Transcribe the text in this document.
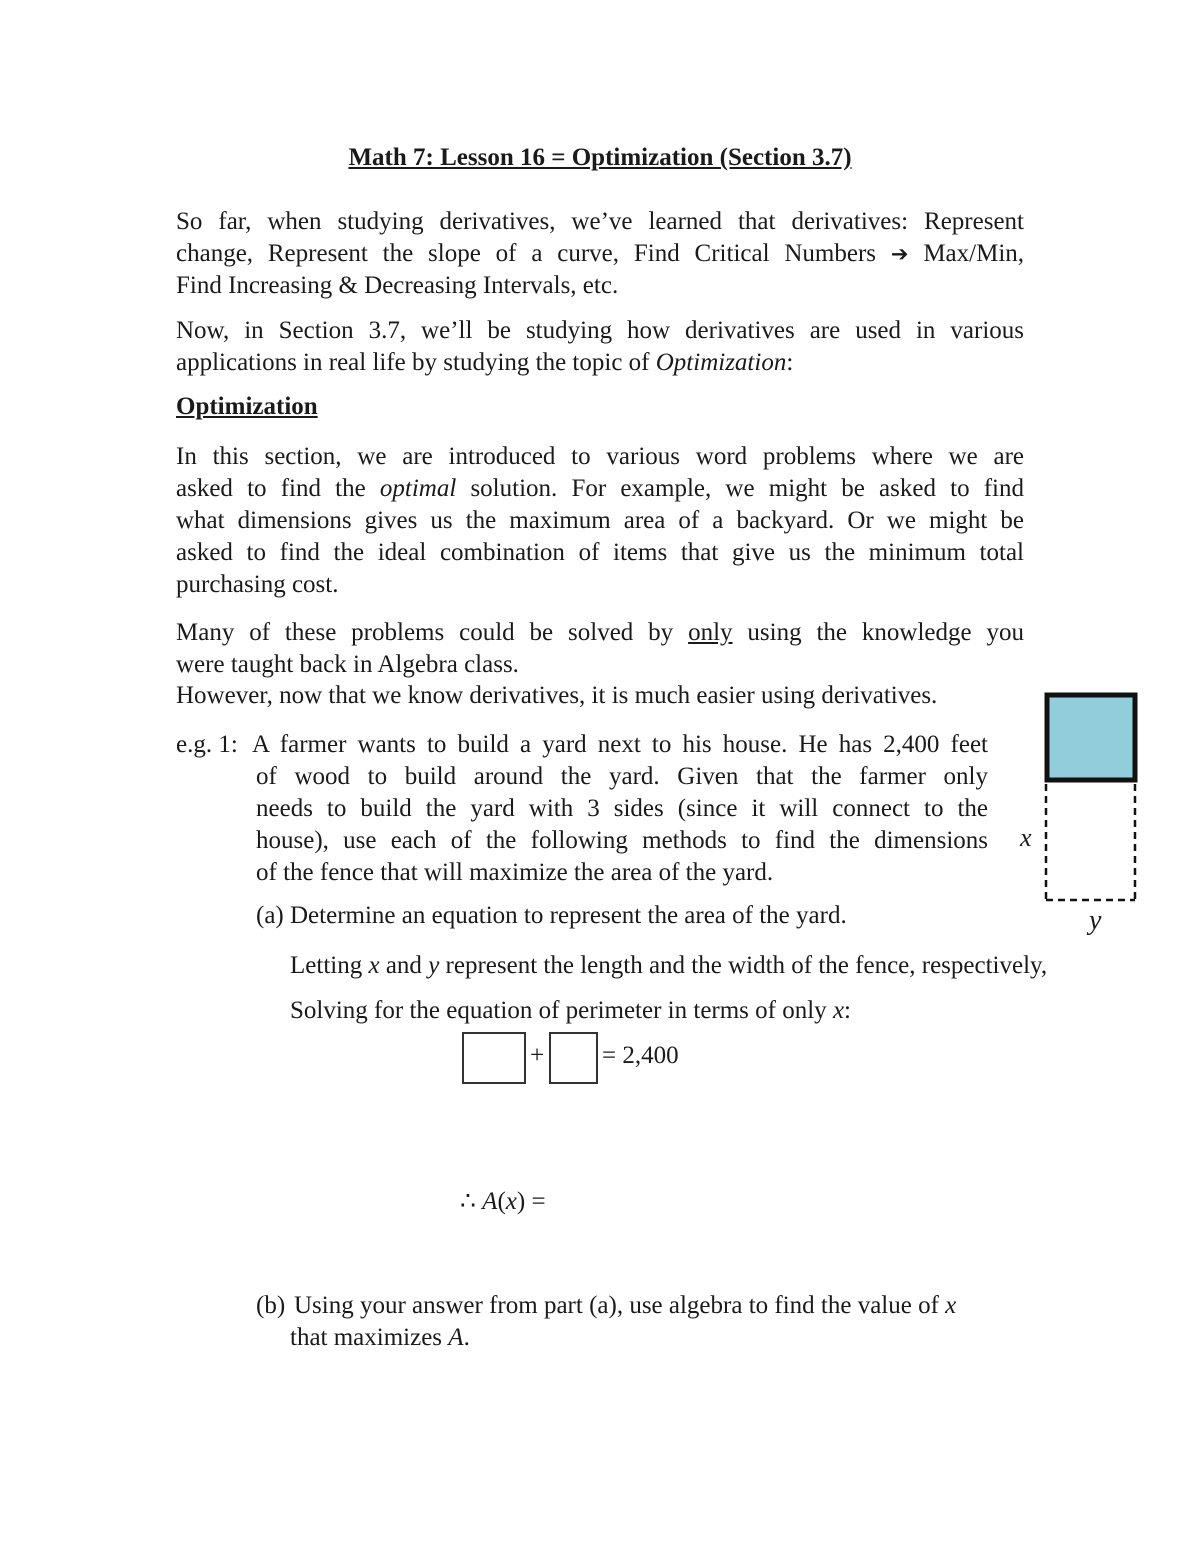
Math 7: Lesson 16 = Optimization (Section 3.7)
So far, when studying derivatives, we’ve learned that derivatives: Represent
change, Represent the slope of a curve, Find Critical Numbers ➔ Max/Min,
Find Increasing & Decreasing Intervals, etc.
Now, in Section 3.7, we’ll be studying how derivatives are used in various
applications in real life by studying the topic of Optimization:
Optimization
In this section, we are introduced to various word problems where we are
asked to find the optimal solution. For example, we might be asked to find
what dimensions gives us the maximum area of a backyard. Or we might be
asked to find the ideal combination of items that give us the minimum total
purchasing cost.
Many of these problems could be solved by only using the knowledge you
were taught back in Algebra class.
However, now that we know derivatives, it is much easier using derivatives.
e.g. 1: A farmer wants to build a yard next to his house. He has 2,400 feet
of wood to build around the yard. Given that the farmer only
needs to build the yard with 3 sides (since it will connect to the
house), use each of the following methods to find the dimensions
of the fence that will maximize the area of the yard.
x
y
(a) Determine an equation to represent the area of the yard.
Letting x and y represent the length and the width of the fence, respectively,
Solving for the equation of perimeter in terms of only x:
+ = 2,400
∴ A(x) =
(b) Using your answer from part (a), use algebra to find the value of x
that maximizes A.
